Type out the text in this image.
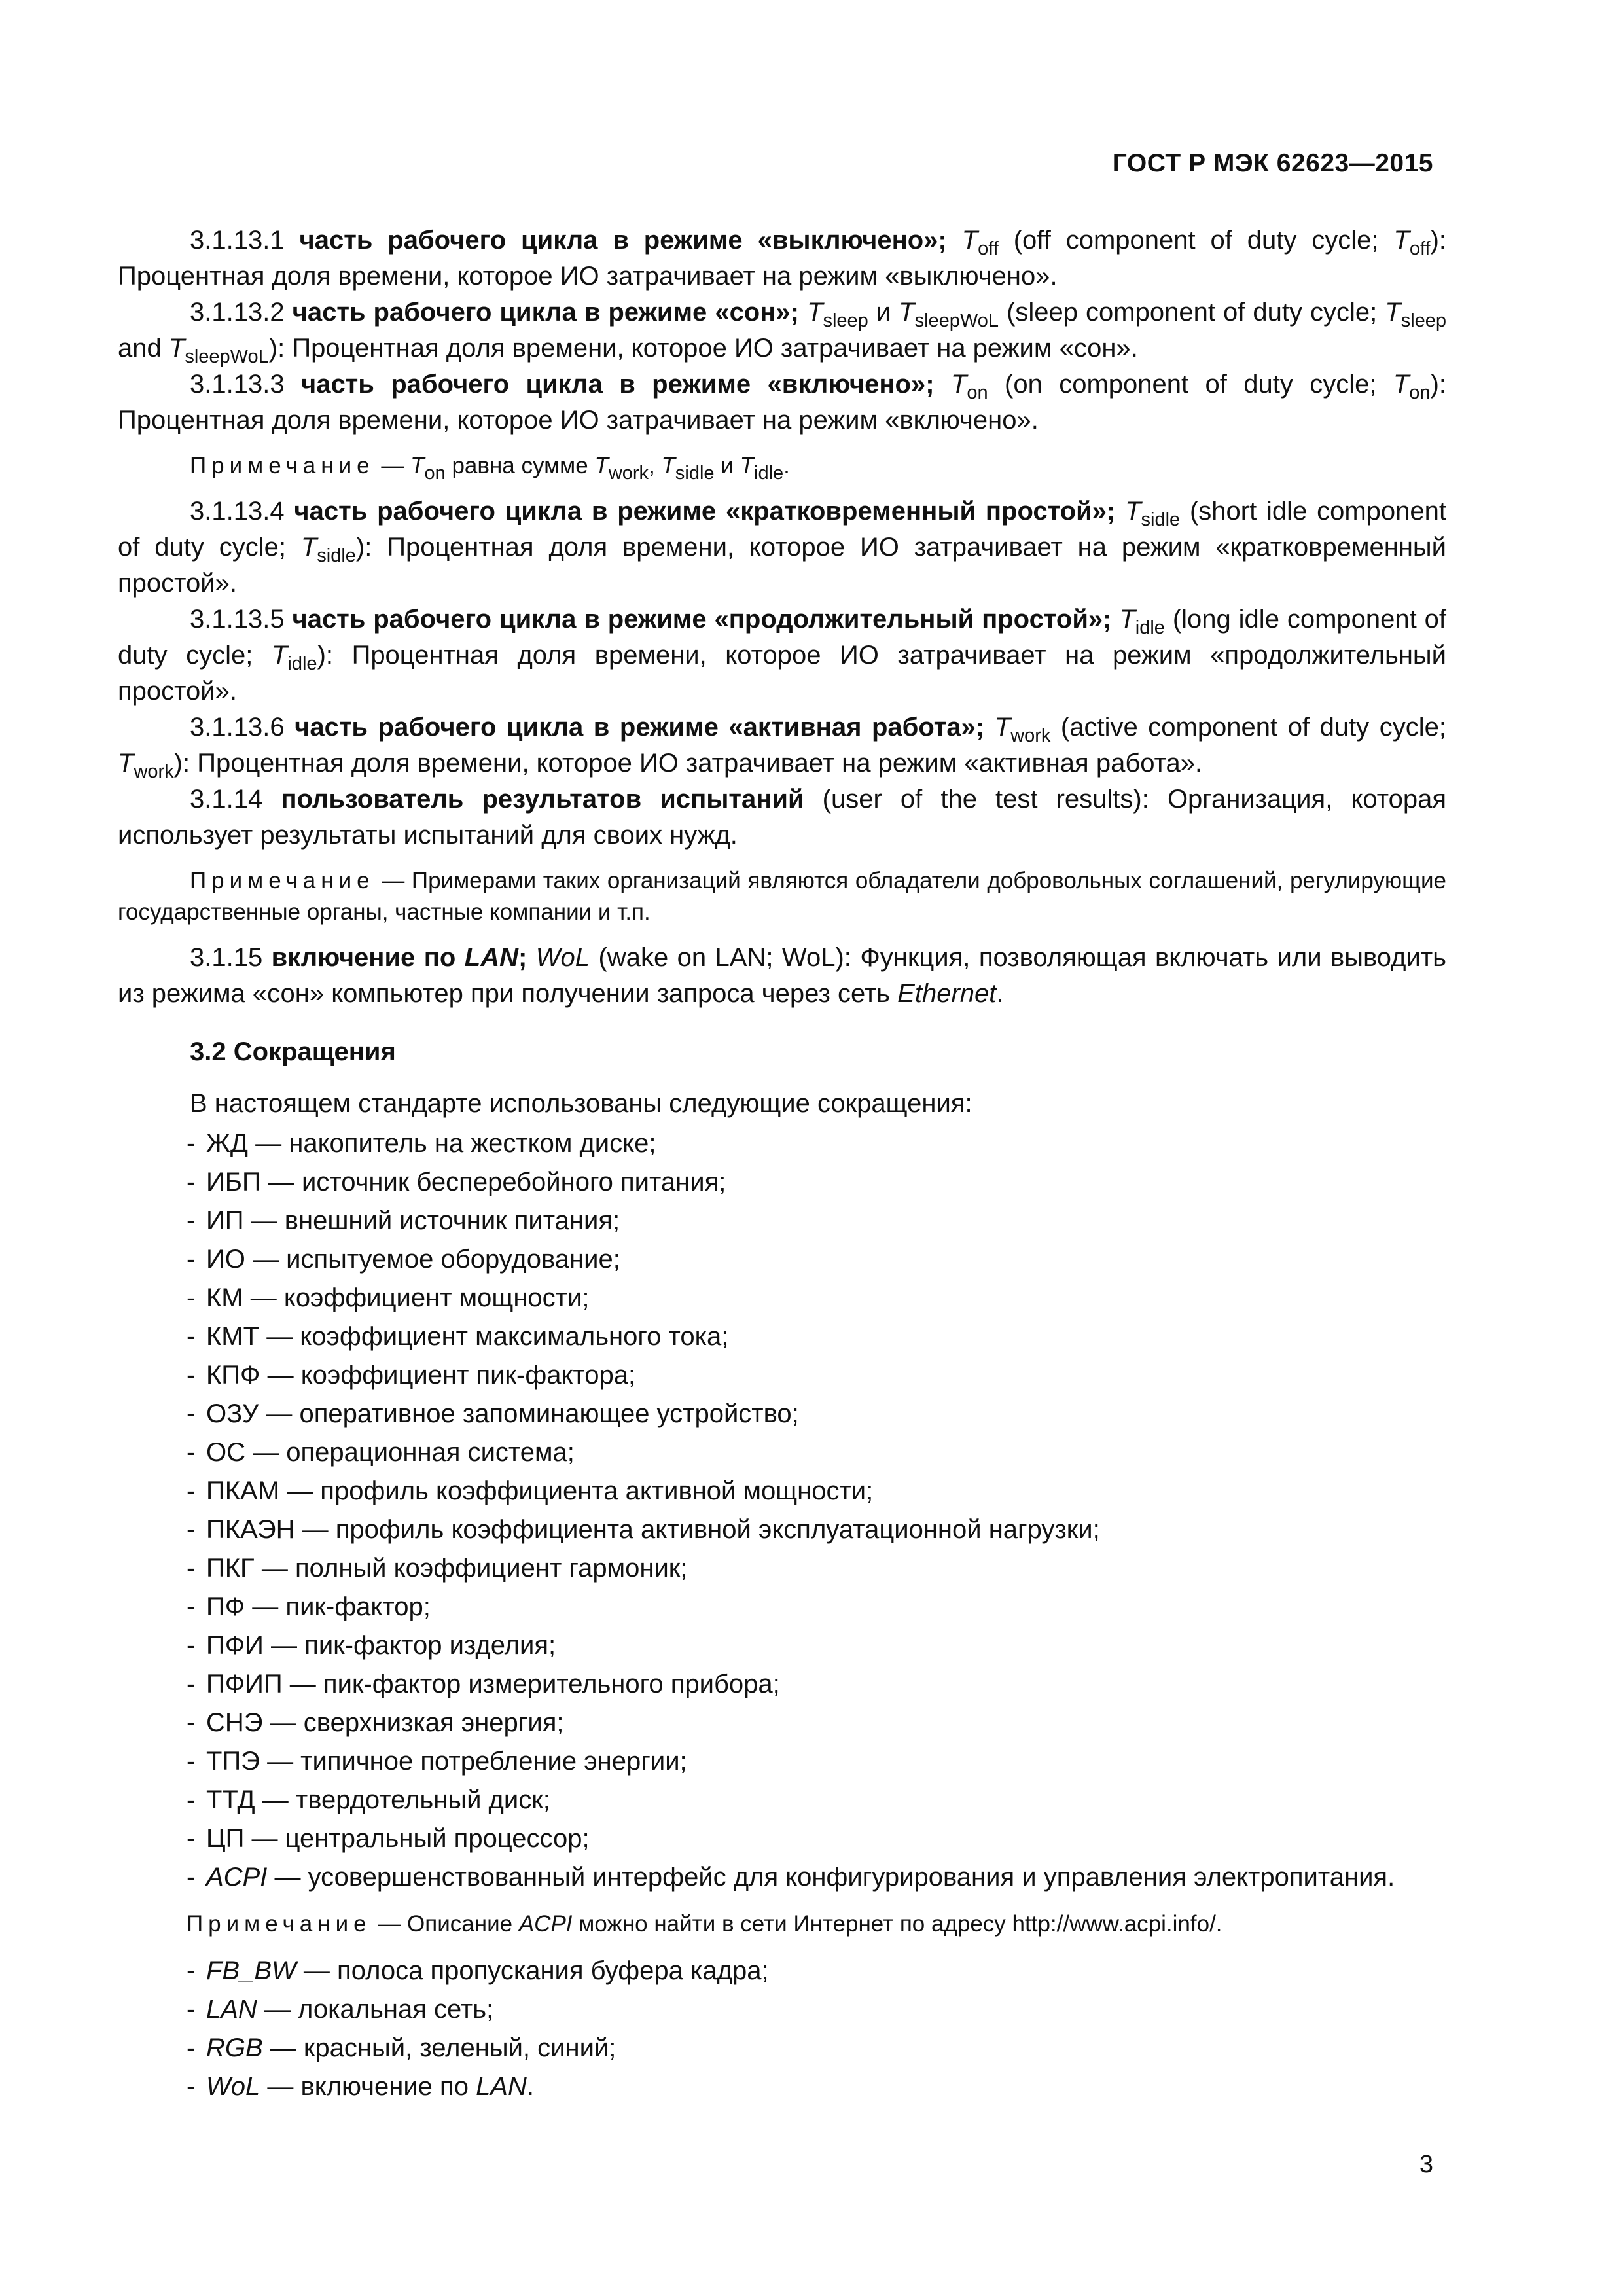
ГОСТ Р МЭК 62623—2015

3.1.13.1 часть рабочего цикла в режиме «выключено»; $T_{off}$ (off component of duty cycle; $T_{off}$): Процентная доля времени, которое ИО затрачивает на режим «выключено».

3.1.13.2 часть рабочего цикла в режиме «сон»; $T_{sleep}$ и $T_{sleepWoL}$ (sleep component of duty cycle; $T_{sleep}$ and $T_{sleepWoL}$): Процентная доля времени, которое ИО затрачивает на режим «сон».

3.1.13.3 часть рабочего цикла в режиме «включено»; $T_{on}$ (on component of duty cycle; $T_{on}$): Процентная доля времени, которое ИО затрачивает на режим «включено».

Примечание — $T_{on}$ равна сумме $T_{work}$, $T_{sidle}$ и $T_{idle}$.

3.1.13.4 часть рабочего цикла в режиме «кратковременный простой»; $T_{sidle}$ (short idle component of duty cycle; $T_{sidle}$): Процентная доля времени, которое ИО затрачивает на режим «кратковременный простой».

3.1.13.5 часть рабочего цикла в режиме «продолжительный простой»; $T_{idle}$ (long idle component of duty cycle; $T_{idle}$): Процентная доля времени, которое ИО затрачивает на режим «продолжительный простой».

3.1.13.6 часть рабочего цикла в режиме «активная работа»; $T_{work}$ (active component of duty cycle; $T_{work}$): Процентная доля времени, которое ИО затрачивает на режим «активная работа».

3.1.14 пользователь результатов испытаний (user of the test results): Организация, которая использует результаты испытаний для своих нужд.

Примечание — Примерами таких организаций являются обладатели добровольных соглашений, регулирующие государственные органы, частные компании и т.п.

3.1.15 включение по LAN; WoL (wake on LAN; WoL): Функция, позволяющая включать или выводить из режима «сон» компьютер при получении запроса через сеть Ethernet.

3.2 Сокращения
В настоящем стандарте использованы следующие сокращения:
- ЖД — накопитель на жестком диске;
- ИБП — источник бесперебойного питания;
- ИП — внешний источник питания;
- ИО — испытуемое оборудование;
- КМ — коэффициент мощности;
- КМТ — коэффициент максимального тока;
- КПФ — коэффициент пик-фактора;
- ОЗУ — оперативное запоминающее устройство;
- ОС — операционная система;
- ПКАМ — профиль коэффициента активной мощности;
- ПКАЭН — профиль коэффициента активной эксплуатационной нагрузки;
- ПКГ — полный коэффициент гармоник;
- ПФ — пик-фактор;
- ПФИ — пик-фактор изделия;
- ПФИП — пик-фактор измерительного прибора;
- СНЭ — сверхнизкая энергия;
- ТПЭ — типичное потребление энергии;
- ТТД — твердотельный диск;
- ЦП — центральный процессор;
- ACPI — усовершенствованный интерфейс для конфигурирования и управления электропитания.

Примечание — Описание ACPI можно найти в сети Интернет по адресу http://www.acpi.info/.

- FB_BW — полоса пропускания буфера кадра;
- LAN — локальная сеть;
- RGB — красный, зеленый, синий;
- WoL — включение по LAN.
3
